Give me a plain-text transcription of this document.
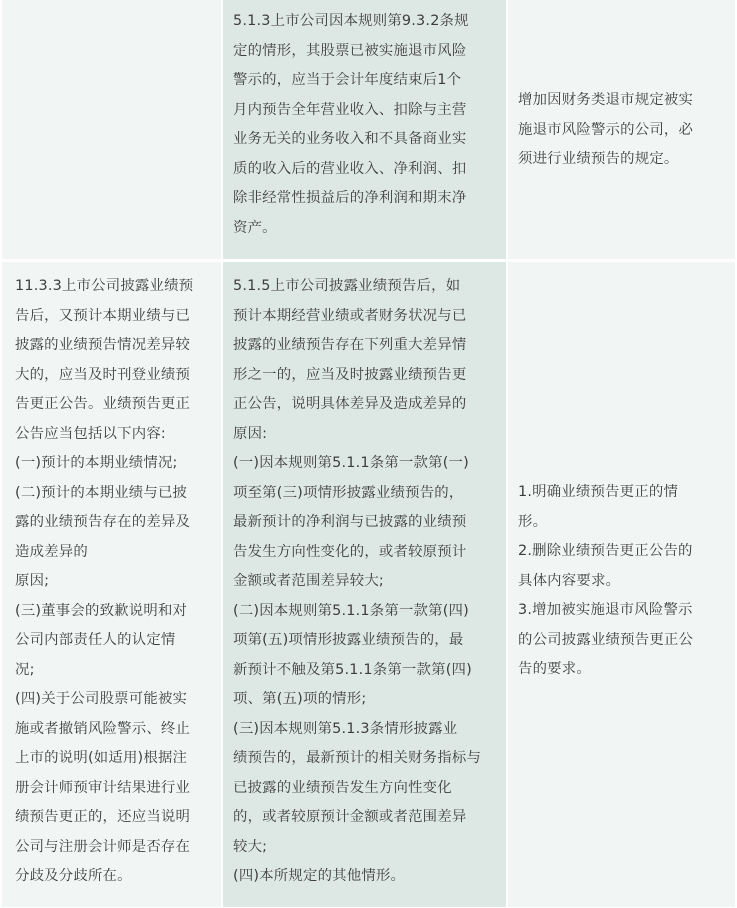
5.1.3上市公司因本规则第9.3.2条规
定的情形，其股票已被实施退市风险
警示的，应当于会计年度结束后1个
月内预告全年营业收入、扣除与主营
业务无关的业务收入和不具备商业实
质的收入后的营业收入、净利润、扣
除非经常性损益后的净利润和期末净
资产。
增加因财务类退市规定被实
施退市风险警示的公司，必
须进行业绩预告的规定。
11.3.3上市公司披露业绩预
告后，又预计本期业绩与已
披露的业绩预告情况差异较
大的，应当及时刊登业绩预
告更正公告。业绩预告更正
公告应当包括以下内容:
(一)预计的本期业绩情况;
(二)预计的本期业绩与已披
露的业绩预告存在的差异及
造成差异的
原因;
(三)董事会的致歉说明和对
公司内部责任人的认定情
况;
(四)关于公司股票可能被实
施或者撤销风险警示、终止
上市的说明(如适用)根据注
册会计师预审计结果进行业
绩预告更正的，还应当说明
公司与注册会计师是否存在
分歧及分歧所在。
5.1.5上市公司披露业绩预告后，如
预计本期经营业绩或者财务状况与已
披露的业绩预告存在下列重大差异情
形之一的，应当及时披露业绩预告更
正公告，说明具体差异及造成差异的
原因:
(一)因本规则第5.1.1条第一款第(一)
项至第(三)项情形披露业绩预告的，
最新预计的净利润与已披露的业绩预
告发生方向性变化的，或者较原预计
金额或者范围差异较大;
(二)因本规则第5.1.1条第一款第(四)
项第(五)项情形披露业绩预告的，最
新预计不触及第5.1.1条第一款第(四)
项、第(五)项的情形;
(三)因本规则第5.1.3条情形披露业
绩预告的，最新预计的相关财务指标与
已披露的业绩预告发生方向性变化
的，或者较原预计金额或者范围差异
较大;
(四)本所规定的其他情形。
1.明确业绩预告更正的情
形。
2.删除业绩预告更正公告的
具体内容要求。
3.增加被实施退市风险警示
的公司披露业绩预告更正公
告的要求。
